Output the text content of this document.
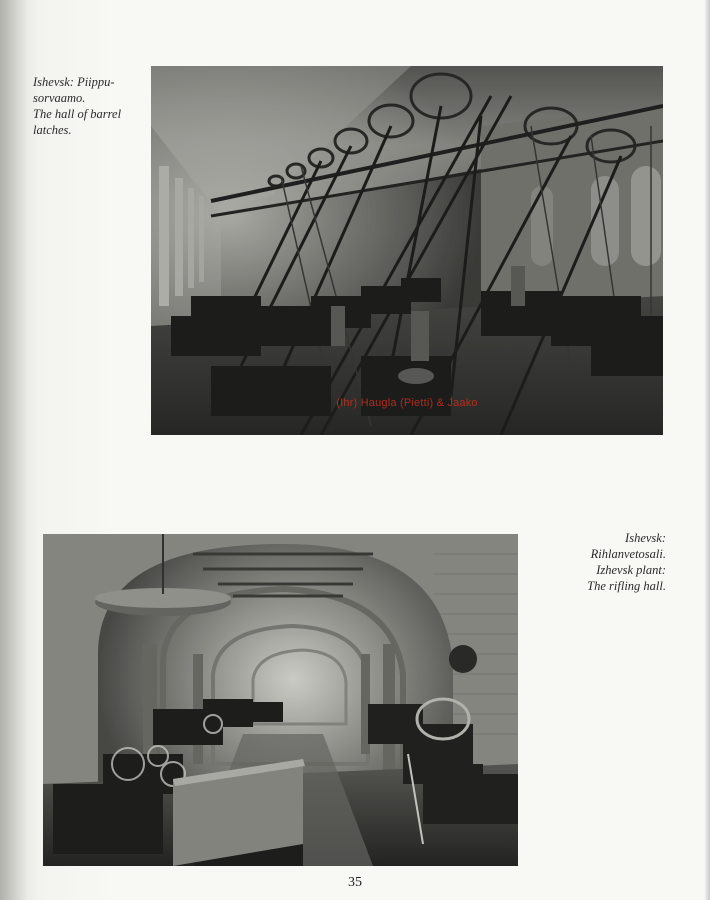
Ishevsk: Piippu-
sorvaamo.
The hall of barrel
latches.
(Ihr) Haugla (Pietti) & Jaako
Ishevsk:
Rihlanvetosali.
Izhevsk plant:
The rifling hall.
35
